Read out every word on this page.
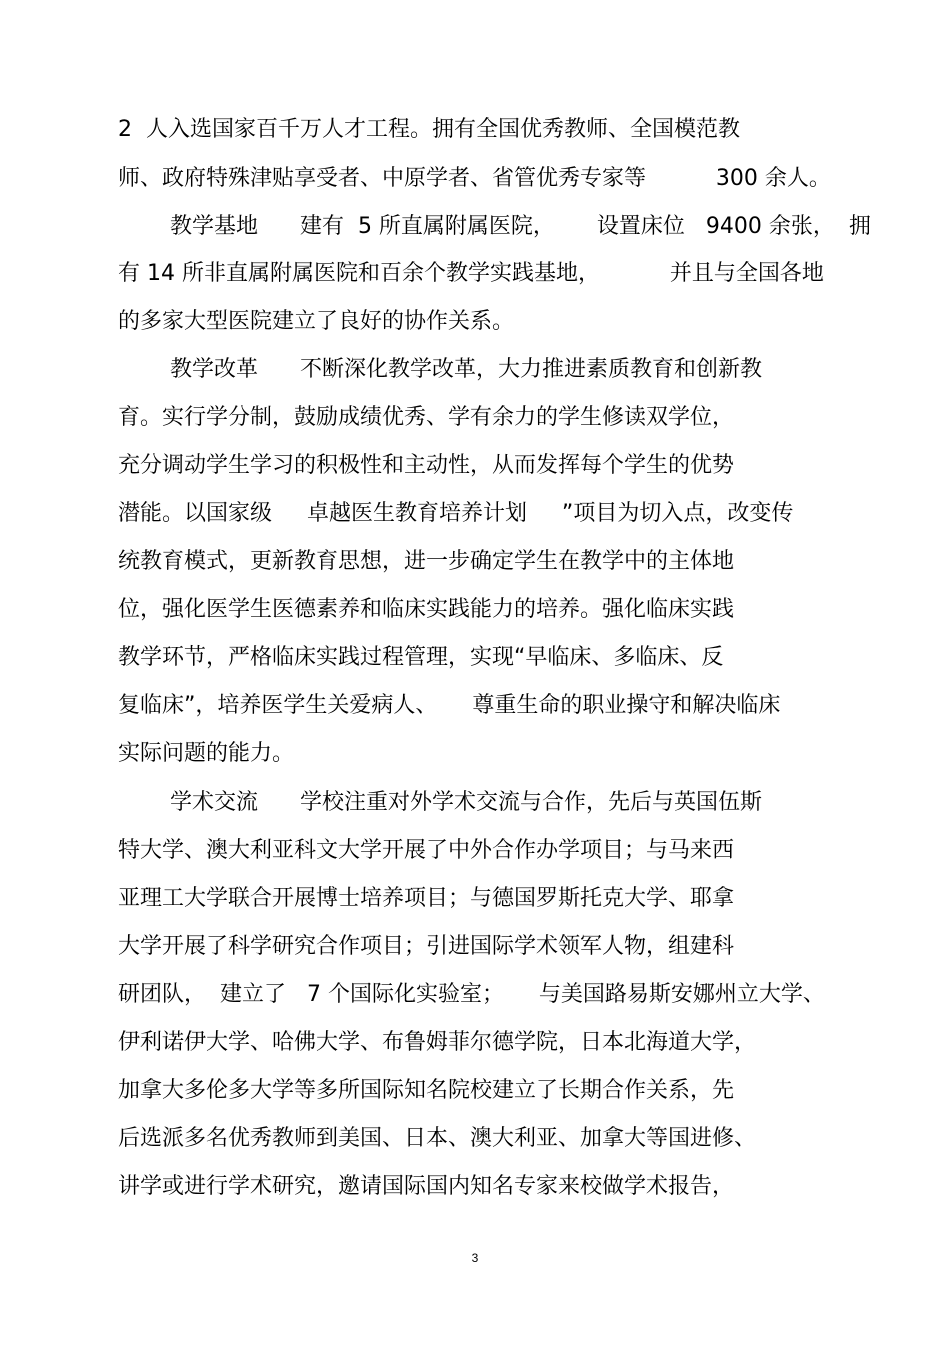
2  人入选国家百千万人才工程。拥有全国优秀教师、全国模范教
师、政府特殊津贴享受者、中原学者、省管优秀专家等          300 余人。
教学基地      建有  5 所直属附属医院，      设置床位   9400 余张，  拥
有 14 所非直属附属医院和百余个教学实践基地，          并且与全国各地
的多家大型医院建立了良好的协作关系。
教学改革      不断深化教学改革，大力推进素质教育和创新教
育。实行学分制，鼓励成绩优秀、学有余力的学生修读双学位，
充分调动学生学习的积极性和主动性，从而发挥每个学生的优势
潜能。以国家级     卓越医生教育培养计划     ”项目为切入点，改变传
统教育模式，更新教育思想，进一步确定学生在教学中的主体地
位，强化医学生医德素养和临床实践能力的培养。强化临床实践
教学环节，严格临床实践过程管理，实现“早临床、多临床、反
复临床”，培养医学生关爱病人、     尊重生命的职业操守和解决临床
实际问题的能力。
学术交流      学校注重对外学术交流与合作，先后与英国伍斯
特大学、澳大利亚科文大学开展了中外合作办学项目；与马来西
亚理工大学联合开展博士培养项目；与德国罗斯托克大学、耶拿
大学开展了科学研究合作项目；引进国际学术领军人物，组建科
研团队，  建立了   7 个国际化实验室；     与美国路易斯安娜州立大学、
伊利诺伊大学、哈佛大学、布鲁姆菲尔德学院，日本北海道大学，
加拿大多伦多大学等多所国际知名院校建立了长期合作关系，先
后选派多名优秀教师到美国、日本、澳大利亚、加拿大等国进修、
讲学或进行学术研究，邀请国际国内知名专家来校做学术报告，
3
